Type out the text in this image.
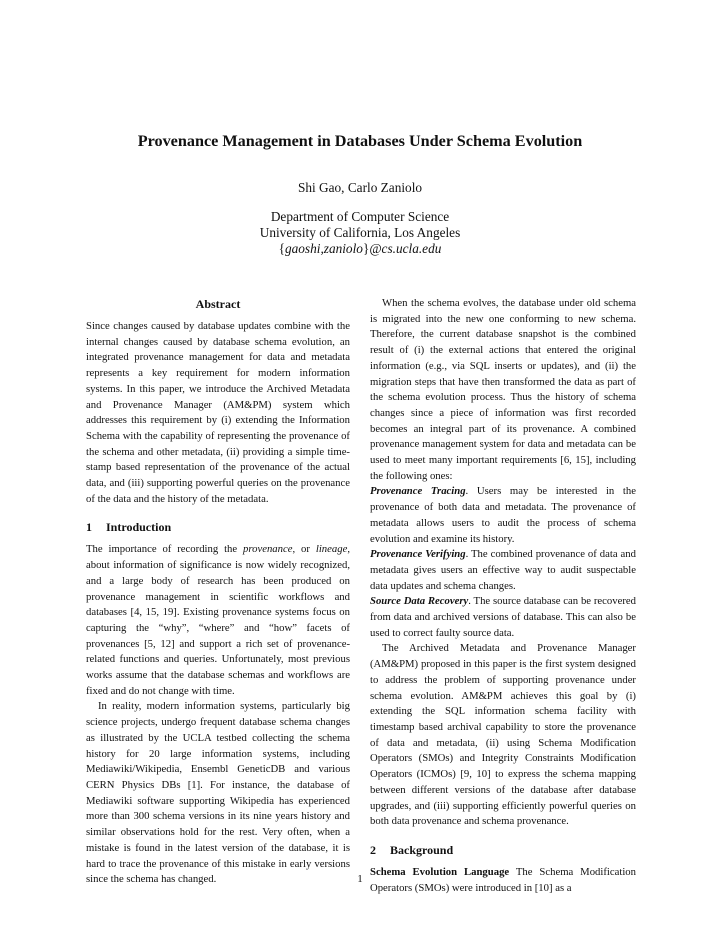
Provenance Management in Databases Under Schema Evolution
Shi Gao, Carlo Zaniolo
Department of Computer Science
University of California, Los Angeles
{gaoshi,zaniolo}@cs.ucla.edu
Abstract

Since changes caused by database updates combine with the internal changes caused by database schema evolution, an integrated provenance management for data and metadata represents a key requirement for modern information systems. In this paper, we introduce the Archived Metadata and Provenance Manager (AM&PM) system which addresses this requirement by (i) extending the Information Schema with the capability of representing the provenance of the schema and other metadata, (ii) providing a simple time-stamp based representation of the provenance of the actual data, and (iii) supporting powerful queries on the provenance of the data and the history of the metadata.

1 Introduction

The importance of recording the provenance, or lineage, about information of significance is now widely recognized, and a large body of research has been produced on provenance management in scientific workflows and databases [4, 15, 19]. Existing provenance systems focus on capturing the “why”, “where” and “how” facets of provenances [5, 12] and support a rich set of provenance-related functions and queries. Unfortunately, most previous works assume that the database schemas and workflows are fixed and do not change with time.

In reality, modern information systems, particularly big science projects, undergo frequent database schema changes as illustrated by the UCLA testbed collecting the schema history for 20 large information systems, including Mediawiki/Wikipedia, Ensembl GeneticDB and various CERN Physics DBs [1]. For instance, the database of Mediawiki software supporting Wikipedia has experienced more than 300 schema versions in its nine years history and similar observations hold for the rest. Very often, when a mistake is found in the latest version of the database, it is hard to trace the provenance of this mistake in early versions since the schema has changed.

When the schema evolves, the database under old schema is migrated into the new one conforming to new schema. Therefore, the current database snapshot is the combined result of (i) the external actions that entered the original information (e.g., via SQL inserts or updates), and (ii) the migration steps that have then transformed the data as part of the schema evolution process. Thus the history of schema changes since a piece of information was first recorded becomes an integral part of its provenance. A combined provenance management system for data and metadata can be used to meet many important requirements [6, 15], including the following ones:

Provenance Tracing. Users may be interested in the provenance of both data and metadata. The provenance of metadata allows users to audit the process of schema evolution and examine its history.

Provenance Verifying. The combined provenance of data and metadata gives users an effective way to audit suspectable data updates and schema changes.

Source Data Recovery. The source database can be recovered from data and archived versions of database. This can also be used to correct faulty source data.

The Archived Metadata and Provenance Manager (AM&PM) proposed in this paper is the first system designed to address the problem of supporting provenance under schema evolution. AM&PM achieves this goal by (i) extending the SQL information schema facility with timestamp based archival capability to store the provenance of data and metadata, (ii) using Schema Modification Operators (SMOs) and Integrity Constraints Modification Operators (ICMOs) [9, 10] to express the schema mapping between different versions of the database after database upgrades, and (iii) supporting efficiently powerful queries on both data provenance and schema provenance.

2 Background

Schema Evolution Language The Schema Modification Operators (SMOs) were introduced in [10] as a

1
